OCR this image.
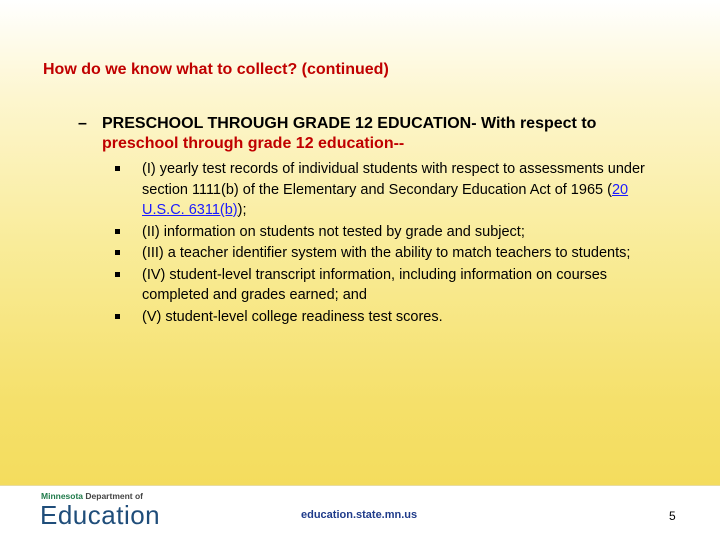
How do we know what to collect? (continued)
– PRESCHOOL THROUGH GRADE 12 EDUCATION- With respect to
preschool through grade 12 education--
(I) yearly test records of individual students with respect to assessments under section 1111(b) of the Elementary and Secondary Education Act of 1965 (20 U.S.C. 6311(b));
(II) information on students not tested by grade and subject;
(III) a teacher identifier system with the ability to match teachers to students;
(IV) student-level transcript information, including information on courses completed and grades earned; and
(V) student-level college readiness test scores.
Minnesota Department of
Education	education.state.mn.us	5
